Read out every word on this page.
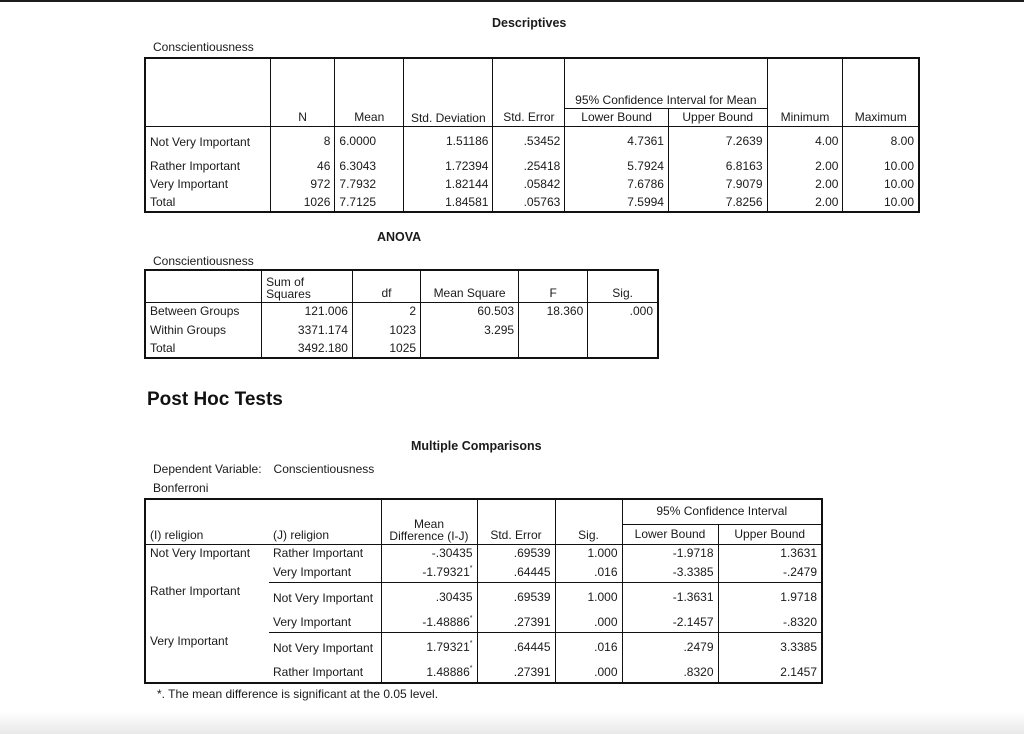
Descriptives
Conscientiousness
	N	Mean	Std. Deviation	Std. Error	95% Confidence Interval for Mean		Minimum	Maximum
					Lower Bound	Upper Bound		
Not Very Important	8	6.0000	1.51186	.53452	4.7361	7.2639	4.00	8.00
Rather Important	46	6.3043	1.72394	.25418	5.7924	6.8163	2.00	10.00
Very Important	972	7.7932	1.82144	.05842	7.6786	7.9079	2.00	10.00
Total	1026	7.7125	1.84581	.05763	7.5994	7.8256	2.00	10.00
ANOVA
Conscientiousness
	Sum of Squares	df	Mean Square	F	Sig.
Between Groups	121.006	2	60.503	18.360	.000
Within Groups	3371.174	1023	3.295		
Total	3492.180	1025			
Post Hoc Tests
Multiple Comparisons
Dependent Variable: Conscientiousness
Bonferroni
(I) religion	(J) religion	Mean Difference (I-J)	Std. Error	Sig.	95% Confidence Interval	
					Lower Bound	Upper Bound
Not Very Important	Rather Important	-.30435	.69539	1.000	-1.9718	1.3631
	Very Important	-1.79321*	.64445	.016	-3.3385	-.2479
Rather Important	Not Very Important	.30435	.69539	1.000	-1.3631	1.9718
	Very Important	-1.48886*	.27391	.000	-2.1457	-.8320
Very Important	Not Very Important	1.79321*	.64445	.016	.2479	3.3385
	Rather Important	1.48886*	.27391	.000	.8320	2.1457
*. The mean difference is significant at the 0.05 level.
